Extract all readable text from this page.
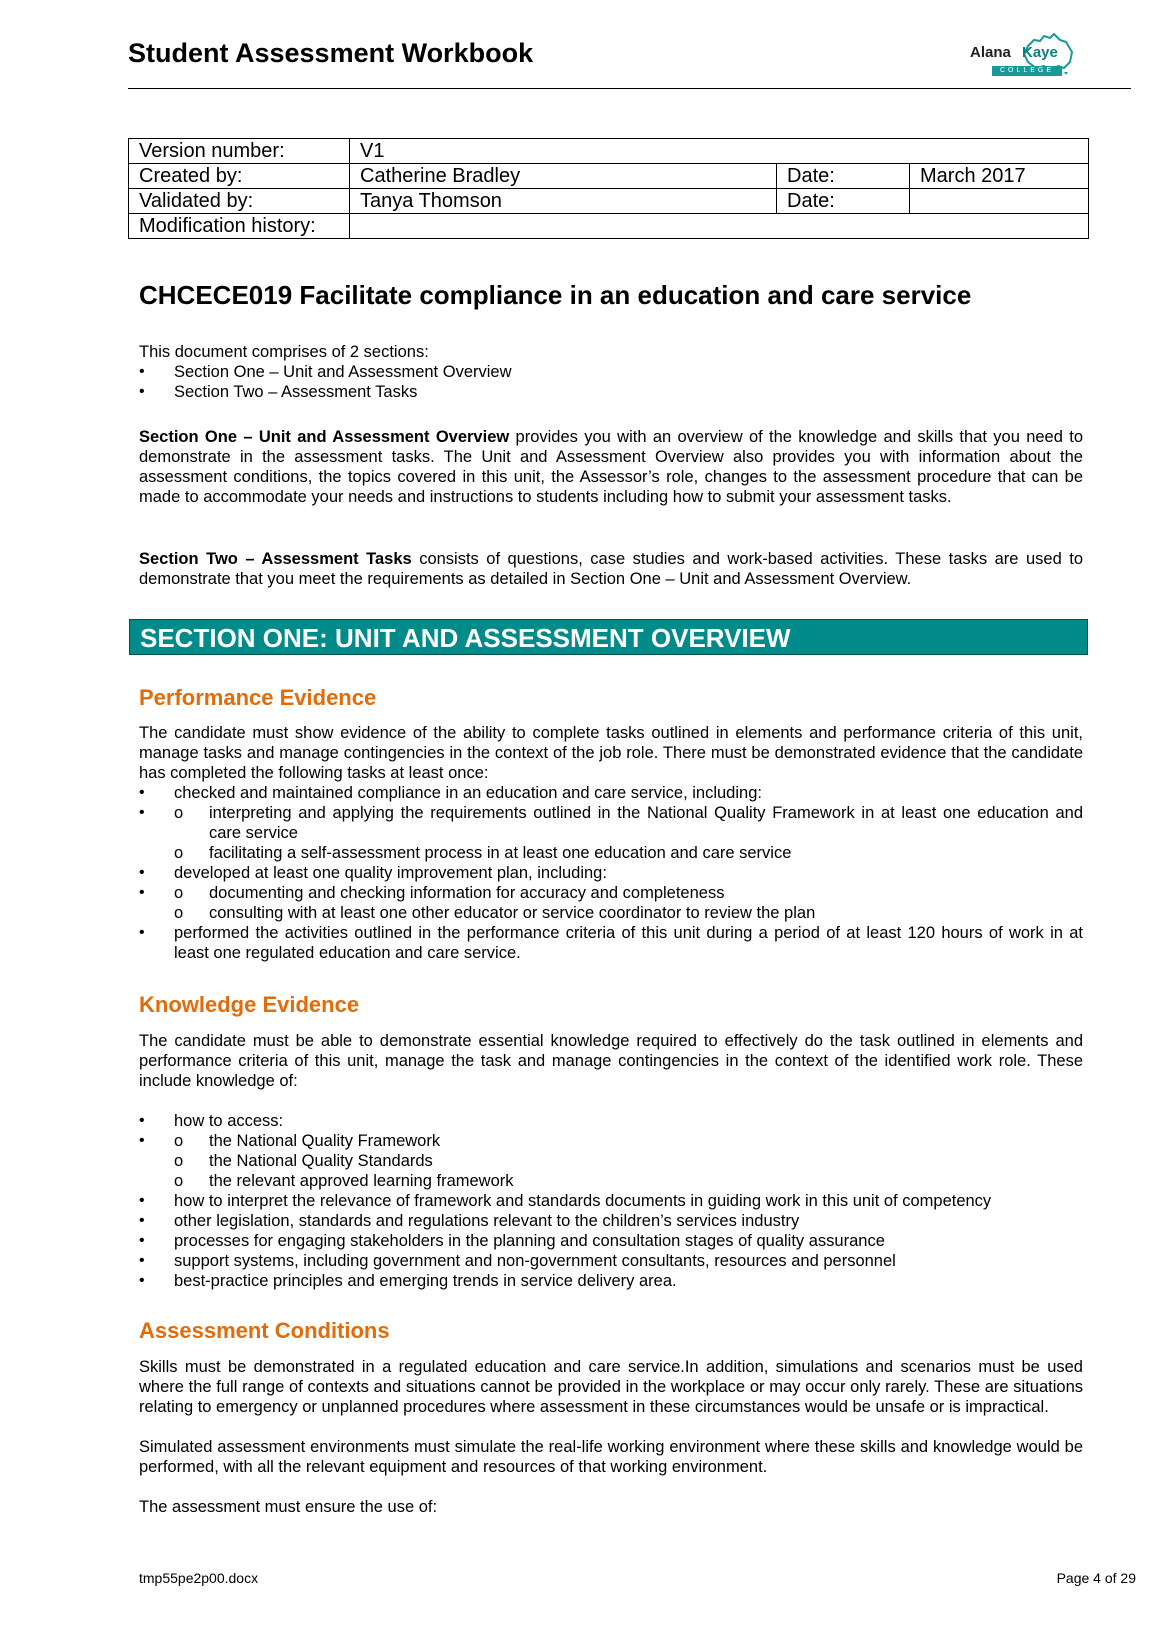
Student Assessment Workbook	Alana Kaye
COLLEGE
Version number:	V1		
Created by:	Catherine Bradley	Date:	March 2017
Validated by:	Tanya Thomson	Date:	
Modification history:			
CHCECE019 Facilitate compliance in an education and care service
This document comprises of 2 sections:
• Section One – Unit and Assessment Overview
• Section Two – Assessment Tasks
Section One – Unit and Assessment Overview provides you with an overview of the knowledge and skills that you need to demonstrate in the assessment tasks. The Unit and Assessment Overview also provides you with information about the assessment conditions, the topics covered in this unit, the Assessor’s role, changes to the assessment procedure that can be made to accommodate your needs and instructions to students including how to submit your assessment tasks.
Section Two – Assessment Tasks consists of questions, case studies and work-based activities. These tasks are used to demonstrate that you meet the requirements as detailed in Section One – Unit and Assessment Overview.
SECTION ONE: UNIT AND ASSESSMENT OVERVIEW
Performance Evidence
The candidate must show evidence of the ability to complete tasks outlined in elements and performance criteria of this unit, manage tasks and manage contingencies in the context of the job role. There must be demonstrated evidence that the candidate has completed the following tasks at least once:
• checked and maintained compliance in an education and care service, including:
o • interpreting and applying the requirements outlined in the National Quality Framework in at least one education and care service
o facilitating a self-assessment process in at least one education and care service
• developed at least one quality improvement plan, including:
o • documenting and checking information for accuracy and completeness
o consulting with at least one other educator or service coordinator to review the plan
• performed the activities outlined in the performance criteria of this unit during a period of at least 120 hours of work in at least one regulated education and care service.
Knowledge Evidence
The candidate must be able to demonstrate essential knowledge required to effectively do the task outlined in elements and performance criteria of this unit, manage the task and manage contingencies in the context of the identified work role. These include knowledge of:
• how to access:
o • the National Quality Framework
o the National Quality Standards
o the relevant approved learning framework
• how to interpret the relevance of framework and standards documents in guiding work in this unit of competency
• other legislation, standards and regulations relevant to the children’s services industry
• processes for engaging stakeholders in the planning and consultation stages of quality assurance
• support systems, including government and non-government consultants, resources and personnel
• best-practice principles and emerging trends in service delivery area.
Assessment Conditions
Skills must be demonstrated in a regulated education and care service.In addition, simulations and scenarios must be used where the full range of contexts and situations cannot be provided in the workplace or may occur only rarely. These are situations relating to emergency or unplanned procedures where assessment in these circumstances would be unsafe or is impractical.
Simulated assessment environments must simulate the real-life working environment where these skills and knowledge would be performed, with all the relevant equipment and resources of that working environment.
The assessment must ensure the use of:
tmp55pe2p00.docx	Page 4 of 29
